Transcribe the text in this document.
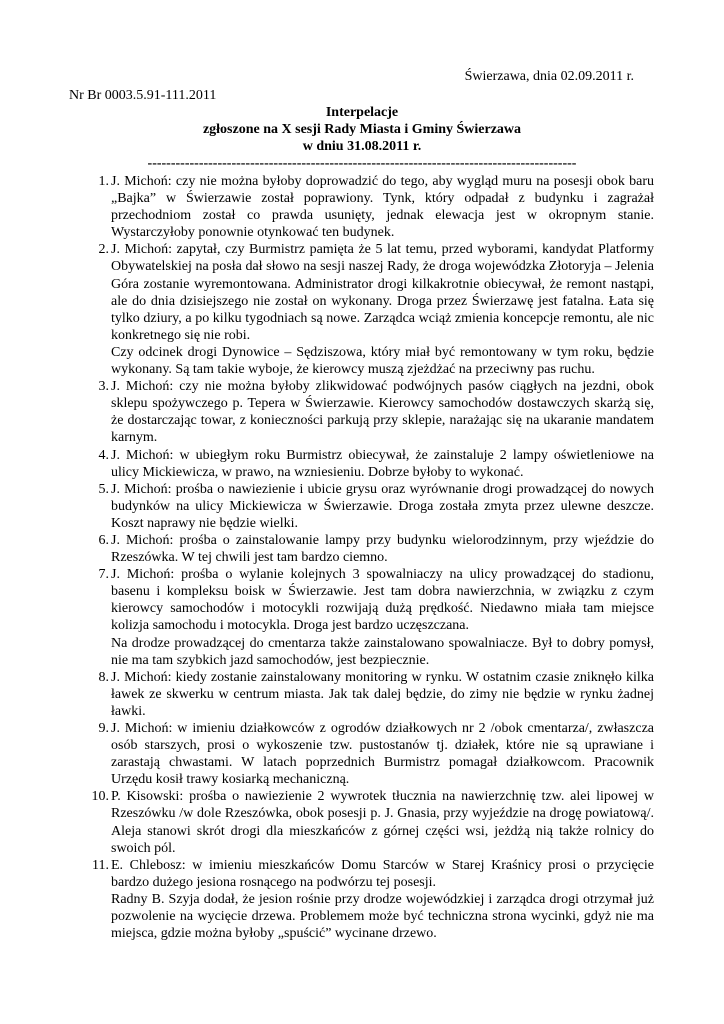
Świerzawa, dnia 02.09.2011 r.
Nr Br 0003.5.91-111.2011
Interpelacje
zgłoszone na X sesji Rady Miasta i Gminy Świerzawa
w dniu 31.08.2011 r.
--------------------------------------------------------------------------------------------
1. J. Michoń: czy nie można byłoby doprowadzić do tego, aby wygląd muru na posesji obok baru „Bajka” w Świerzawie został poprawiony. Tynk, który odpadał z budynku i zagrażał przechodniom został co prawda usunięty, jednak elewacja jest w okropnym stanie. Wystarczyłoby ponownie otynkować ten budynek.

2. J. Michoń: zapytał, czy Burmistrz pamięta że 5 lat temu, przed wyborami, kandydat Platformy Obywatelskiej na posła dał słowo na sesji naszej Rady, że droga wojewódzka Złotoryja – Jelenia Góra zostanie wyremontowana. Administrator drogi kilkakrotnie obiecywał, że remont nastąpi, ale do dnia dzisiejszego nie został on wykonany. Droga przez Świerzawę jest fatalna. Łata się tylko dziury, a po kilku tygodniach są nowe. Zarządca wciąż zmienia koncepcje remontu, ale nic konkretnego się nie robi.

Czy odcinek drogi Dynowice – Sędziszowa, który miał być remontowany w tym roku, będzie wykonany. Są tam takie wyboje, że kierowcy muszą zjeżdżać na przeciwny pas ruchu.

3. J. Michoń: czy nie można byłoby zlikwidować podwójnych pasów ciągłych na jezdni, obok sklepu spożywczego p. Tepera w Świerzawie. Kierowcy samochodów dostawczych skarżą się, że dostarczając towar, z konieczności parkują przy sklepie, narażając się na ukaranie mandatem karnym.

4. J. Michoń: w ubiegłym roku Burmistrz obiecywał, że zainstaluje 2 lampy oświetleniowe na ulicy Mickiewicza, w prawo, na wzniesieniu. Dobrze byłoby to wykonać.

5. J. Michoń: prośba o nawiezienie i ubicie grysu oraz wyrównanie drogi prowadzącej do nowych budynków na ulicy Mickiewicza w Świerzawie. Droga została zmyta przez ulewne deszcze. Koszt naprawy nie będzie wielki.

6. J. Michoń: prośba o zainstalowanie lampy przy budynku wielorodzinnym, przy wjeździe do Rzeszówka. W tej chwili jest tam bardzo ciemno.

7. J. Michoń: prośba o wylanie kolejnych 3 spowalniaczy na ulicy prowadzącej do stadionu, basenu i kompleksu boisk w Świerzawie. Jest tam dobra nawierzchnia, w związku z czym kierowcy samochodów i motocykli rozwijają dużą prędkość. Niedawno miała tam miejsce kolizja samochodu i motocykla. Droga jest bardzo uczęszczana.

Na drodze prowadzącej do cmentarza także zainstalowano spowalniacze. Był to dobry pomysł, nie ma tam szybkich jazd samochodów, jest bezpiecznie.

8. J. Michoń: kiedy zostanie zainstalowany monitoring w rynku. W ostatnim czasie zniknęło kilka ławek ze skwerku w centrum miasta. Jak tak dalej będzie, do zimy nie będzie w rynku żadnej ławki.

9. J. Michoń: w imieniu działkowców z ogrodów działkowych nr 2 /obok cmentarza/, zwłaszcza osób starszych, prosi o wykoszenie tzw. pustostanów tj. działek, które nie są uprawiane i zarastają chwastami. W latach poprzednich Burmistrz pomagał działkowcom. Pracownik Urzędu kosił trawy kosiarką mechaniczną.

10. P. Kisowski: prośba o nawiezienie 2 wywrotek tłucznia na nawierzchnię tzw. alei lipowej w Rzeszówku /w dole Rzeszówka, obok posesji p. J. Gnasia, przy wyjeździe na drogę powiatową/. Aleja stanowi skrót drogi dla mieszkańców z górnej części wsi, jeżdżą nią także rolnicy do swoich pól.

11. E. Chlebosz: w imieniu mieszkańców Domu Starców w Starej Kraśnicy prosi o przycięcie bardzo dużego jesiona rosnącego na podwórzu tej posesji.

Radny B. Szyja dodał, że jesion rośnie przy drodze wojewódzkiej i zarządca drogi otrzymał już pozwolenie na wycięcie drzewa. Problemem może być techniczna strona wycinki, gdyż nie ma miejsca, gdzie można byłoby „spuścić” wycinane drzewo.
